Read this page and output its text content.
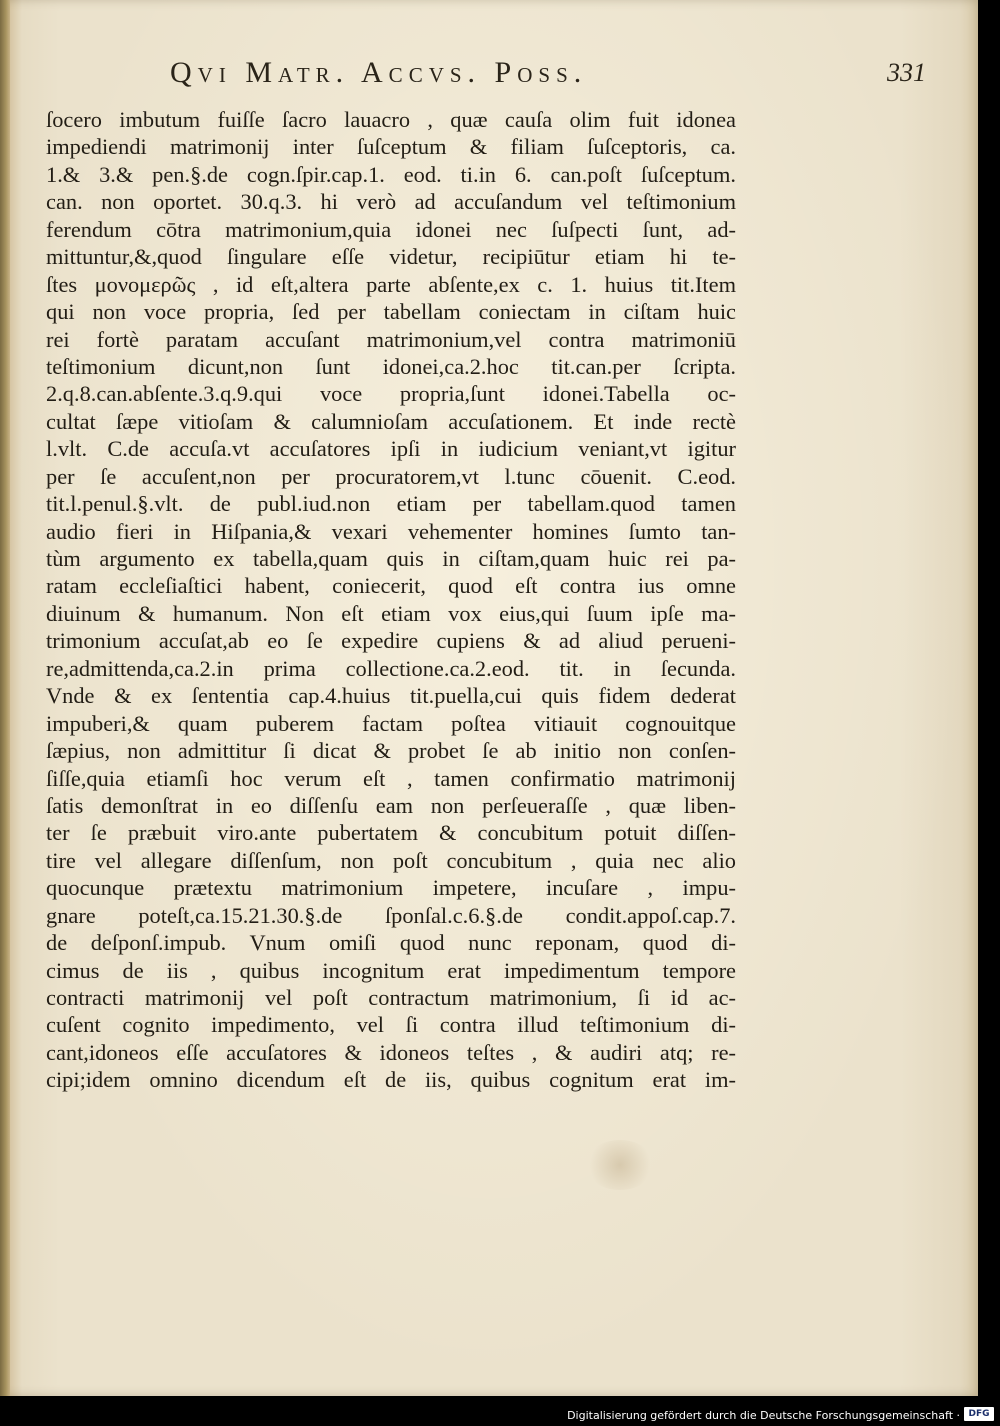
Qvi Matr. Accvs. Poss.	331
ſocero imbutum fuiſſe ſacro lauacro , quæ cauſa olim fuit idonea
impediendi matrimonij inter ſuſceptum & filiam ſuſceptoris, ca.
1.& 3.& pen.§.de cogn.ſpir.cap.1. eod. ti.in 6. can.poſt ſuſceptum.
can. non oportet. 30.q.3. hi verò ad accuſandum vel teſtimonium
ferendum cōtra matrimonium,quia idonei nec ſuſpecti ſunt, ad-
mittuntur,&,quod ſingulare eſſe videtur, recipiūtur etiam hi te-
ſtes μονομερῶς , id eſt,altera parte abſente,ex c. 1. huius tit.Item
qui non voce propria, ſed per tabellam coniectam in ciſtam huic
rei fortè paratam accuſant matrimonium,vel contra matrimoniū
teſtimonium dicunt,non ſunt idonei,ca.2.hoc tit.can.per ſcripta.
2.q.8.can.abſente.3.q.9.qui voce propria,ſunt idonei.Tabella oc-
cultat ſæpe vitioſam & calumnioſam accuſationem. Et inde rectè
l.vlt. C.de accuſa.vt accuſatores ipſi in iudicium veniant,vt igitur
per ſe accuſent,non per procuratorem,vt l.tunc cōuenit. C.eod.
tit.l.penul.§.vlt. de publ.iud.non etiam per tabellam.quod tamen
audio fieri in Hiſpania,& vexari vehementer homines ſumto tan-
tùm argumento ex tabella,quam quis in ciſtam,quam huic rei pa-
ratam eccleſiaſtici habent, coniecerit, quod eſt contra ius omne
diuinum & humanum. Non eſt etiam vox eius,qui ſuum ipſe ma-
trimonium accuſat,ab eo ſe expedire cupiens & ad aliud perueni-
re,admittenda,ca.2.in prima collectione.ca.2.eod. tit. in ſecunda.
Vnde & ex ſententia cap.4.huius tit.puella,cui quis fidem dederat
impuberi,& quam puberem factam poſtea vitiauit cognouitque
ſæpius, non admittitur ſi dicat & probet ſe ab initio non conſen-
ſiſſe,quia etiamſi hoc verum eſt , tamen confirmatio matrimonij
ſatis demonſtrat in eo diſſenſu eam non perſeueraſſe , quæ liben-
ter ſe præbuit viro.ante pubertatem & concubitum potuit diſſen-
tire vel allegare diſſenſum, non poſt concubitum , quia nec alio
quocunque prætextu matrimonium impetere, incuſare , impu-
gnare poteſt,ca.15.21.30.§.de ſponſal.c.6.§.de condit.appoſ.cap.7.
de deſponſ.impub. Vnum omiſi quod nunc reponam, quod di-
cimus de iis , quibus incognitum erat impedimentum tempore
contracti matrimonij vel poſt contractum matrimonium, ſi id ac-
cuſent cognito impedimento, vel ſi contra illud teſtimonium di-
cant,idoneos eſſe accuſatores & idoneos teſtes , & audiri atq; re-
cipi;idem omnino dicendum eſt de iis, quibus cognitum erat im-
Digitalisierung gefördert durch die Deutsche Forschungsgemeinschaft · DFG
